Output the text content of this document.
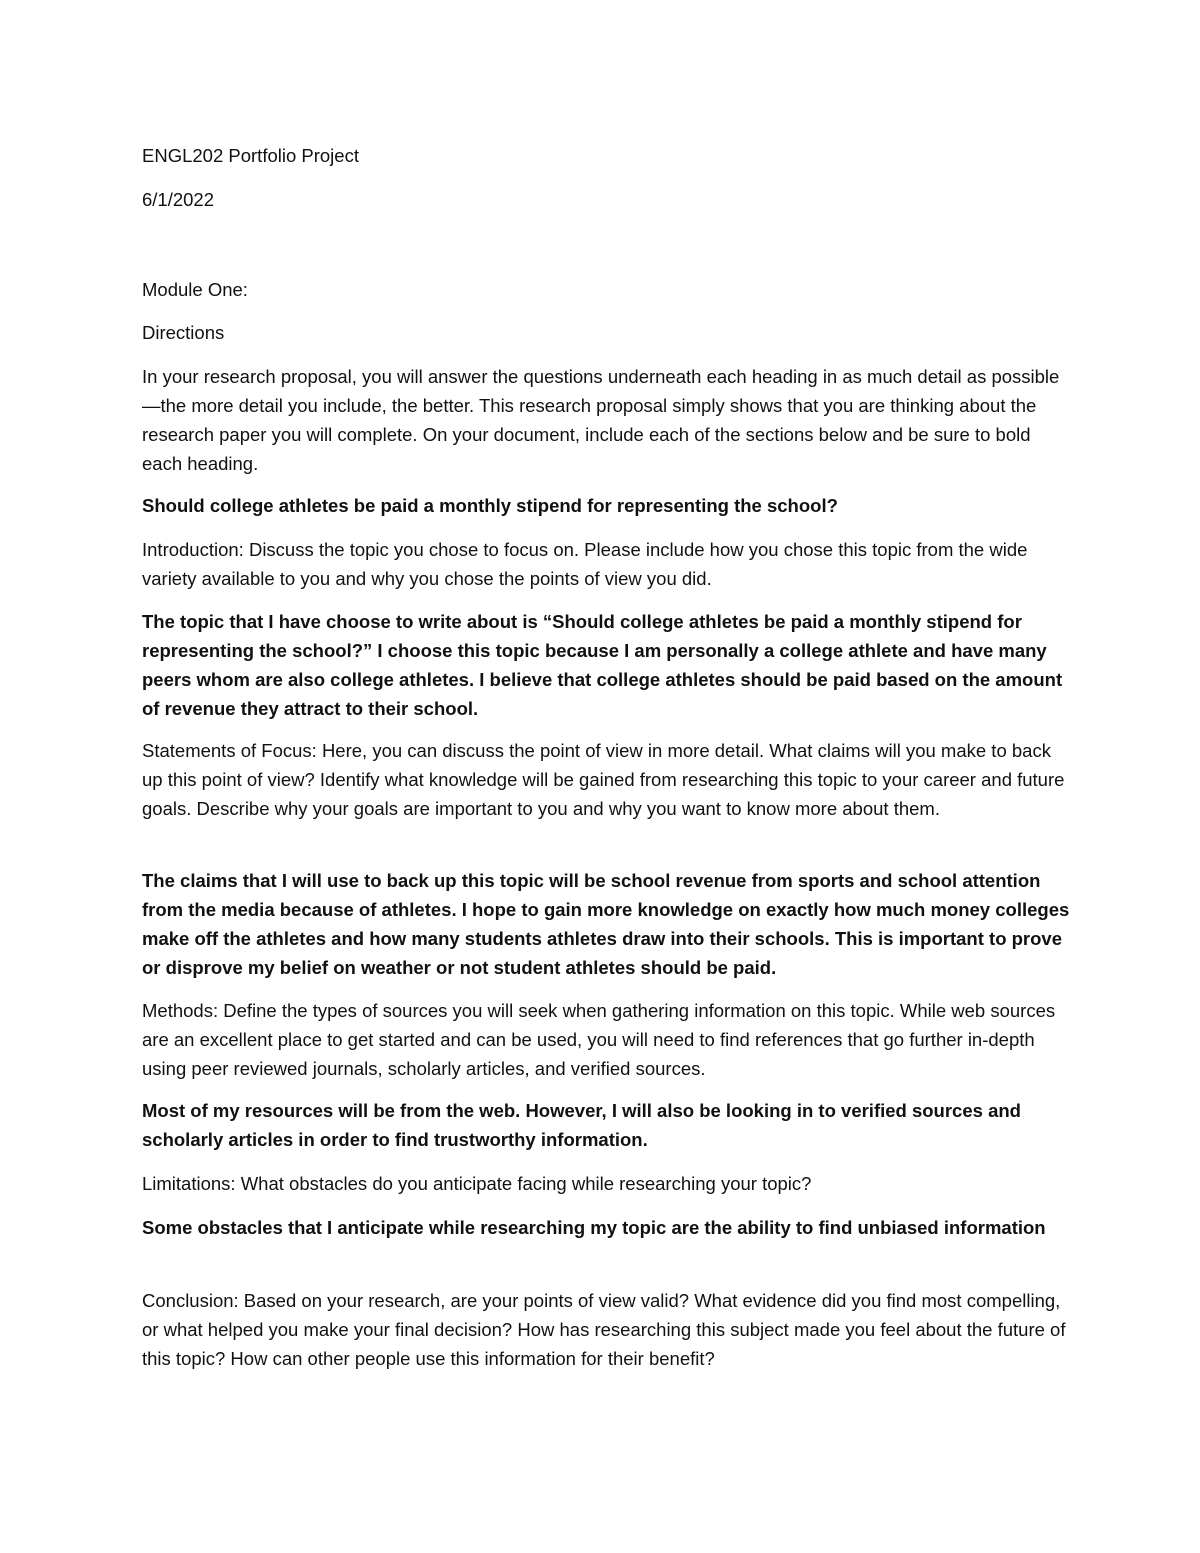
ENGL202 Portfolio Project

6/1/2022

Module One:

Directions

In your research proposal, you will answer the questions underneath each heading in as much detail as possible—the more detail you include, the better. This research proposal simply shows that you are thinking about the research paper you will complete. On your document, include each of the sections below and be sure to bold each heading.

Should college athletes be paid a monthly stipend for representing the school?

Introduction: Discuss the topic you chose to focus on. Please include how you chose this topic from the wide variety available to you and why you chose the points of view you did.

The topic that I have choose to write about is “Should college athletes be paid a monthly stipend for representing the school?” I choose this topic because I am personally a college athlete and have many peers whom are also college athletes. I believe that college athletes should be paid based on the amount of revenue they attract to their school.

Statements of Focus: Here, you can discuss the point of view in more detail. What claims will you make to back up this point of view? Identify what knowledge will be gained from researching this topic to your career and future goals. Describe why your goals are important to you and why you want to know more about them.

The claims that I will use to back up this topic will be school revenue from sports and school attention from the media because of athletes. I hope to gain more knowledge on exactly how much money colleges make off the athletes and how many students athletes draw into their schools. This is important to prove or disprove my belief on weather or not student athletes should be paid.

Methods: Define the types of sources you will seek when gathering information on this topic. While web sources are an excellent place to get started and can be used, you will need to find references that go further in-depth using peer reviewed journals, scholarly articles, and verified sources.

Most of my resources will be from the web. However, I will also be looking in to verified sources and scholarly articles in order to find trustworthy information.

Limitations: What obstacles do you anticipate facing while researching your topic?

Some obstacles that I anticipate while researching my topic are the ability to find unbiased information

Conclusion: Based on your research, are your points of view valid? What evidence did you find most compelling, or what helped you make your final decision? How has researching this subject made you feel about the future of this topic? How can other people use this information for their benefit?
